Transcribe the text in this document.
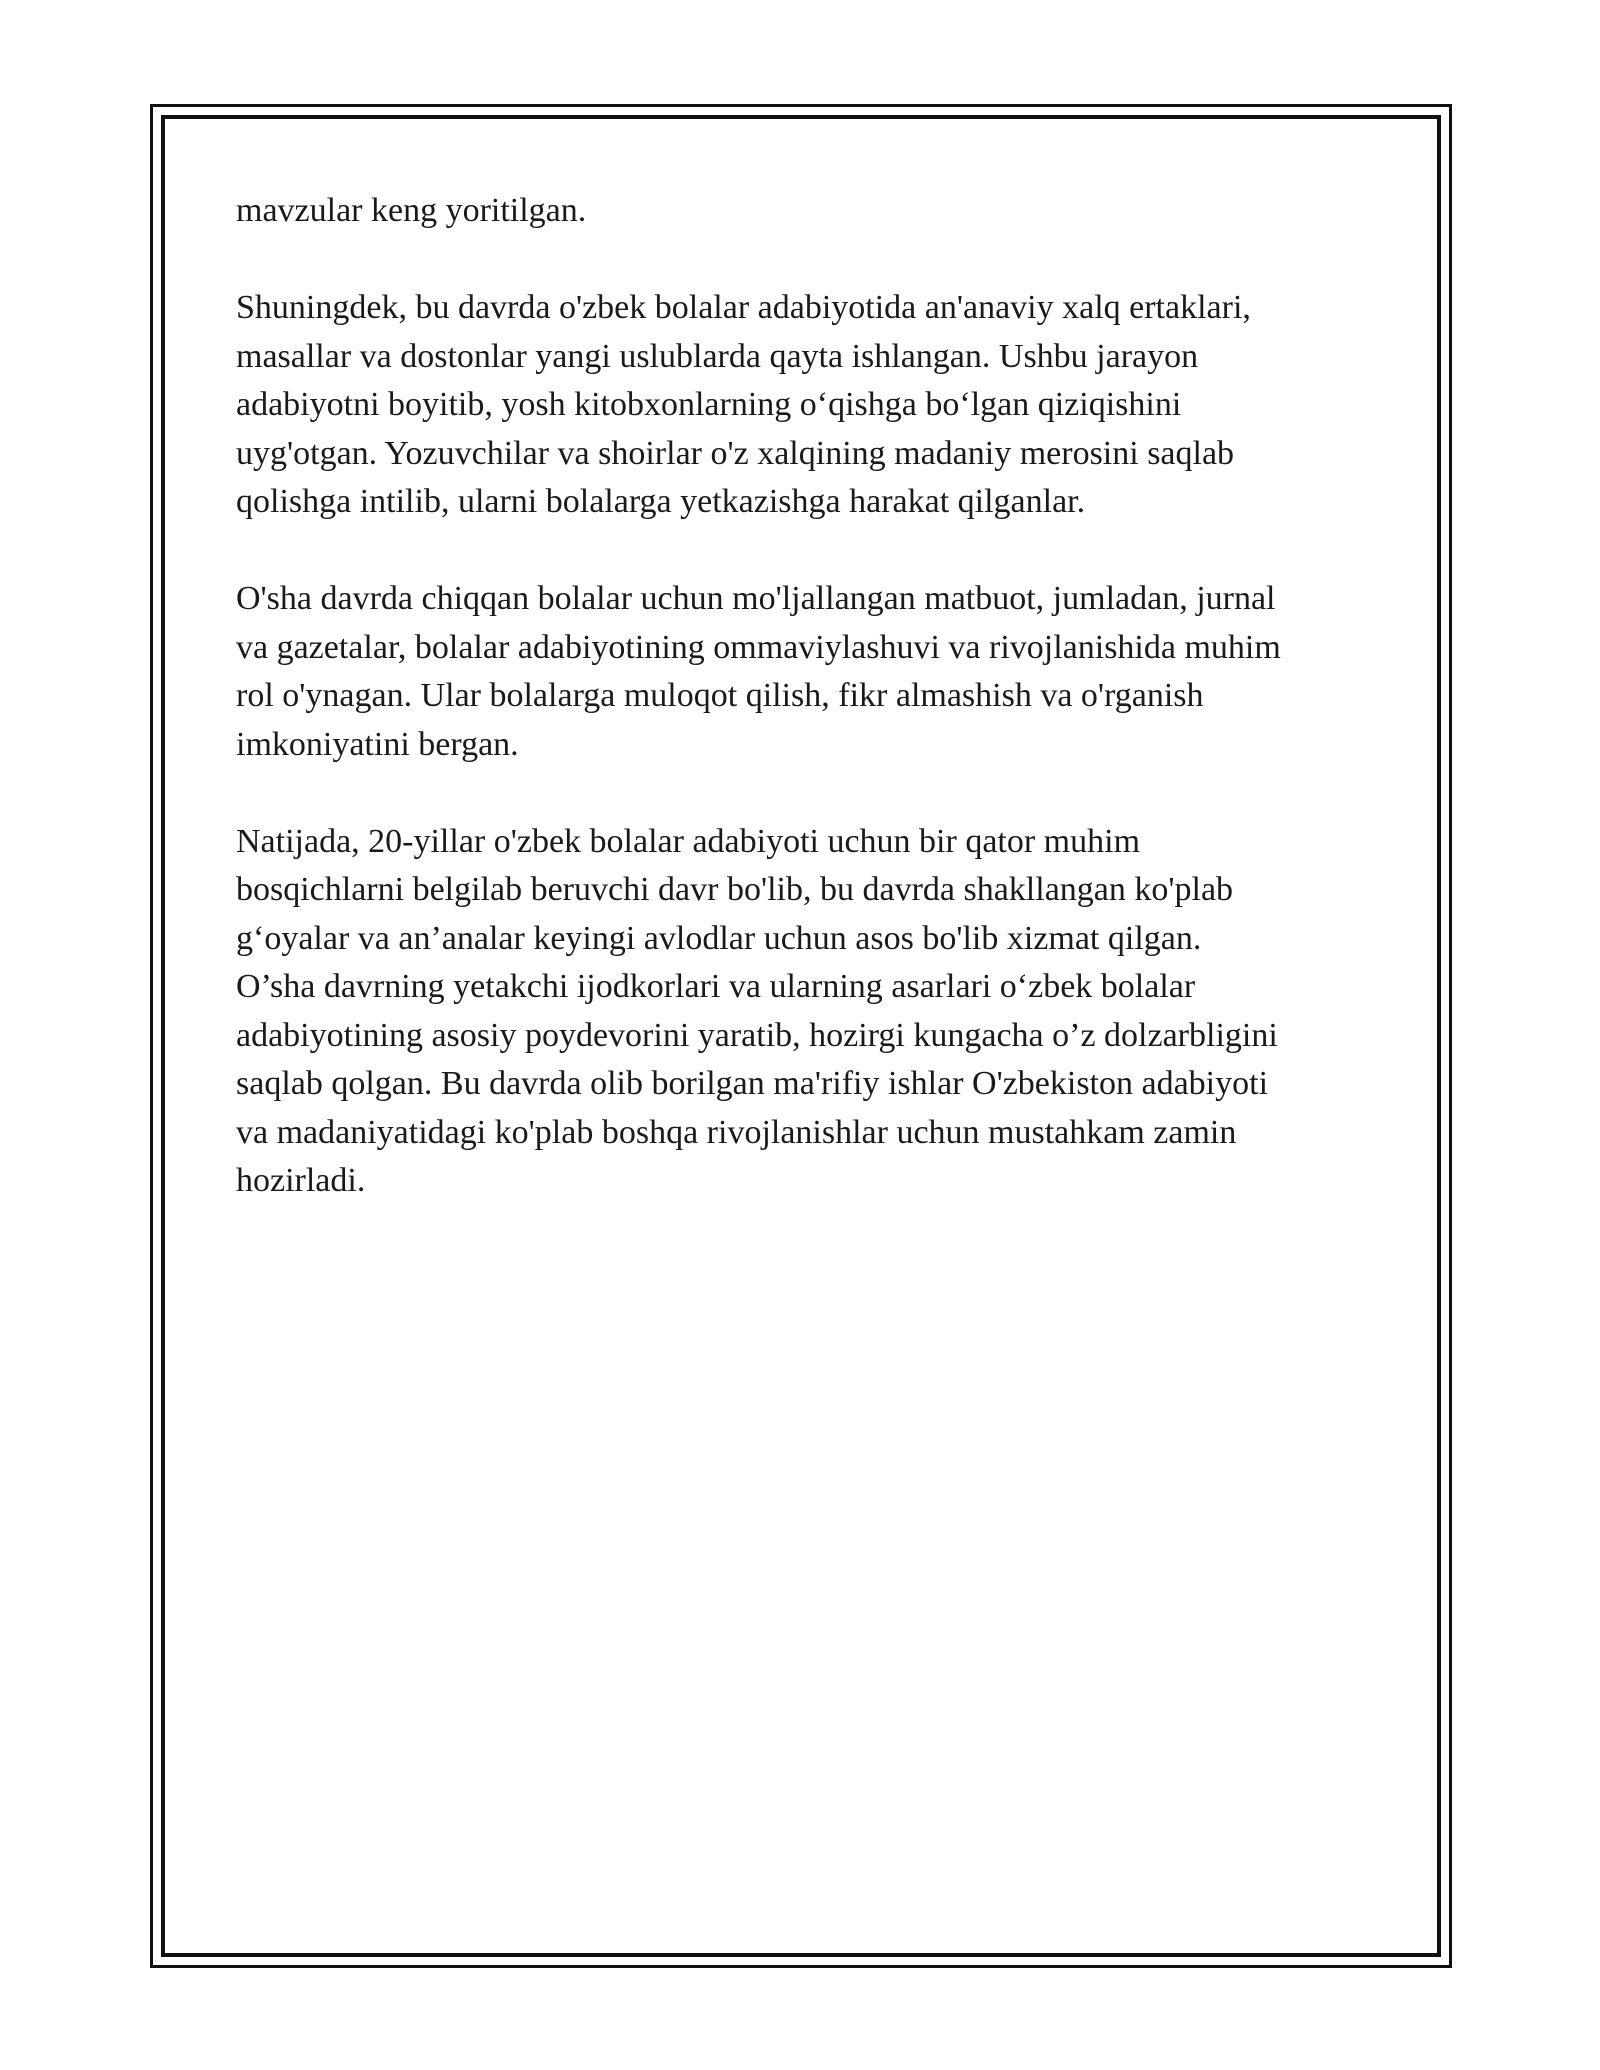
mavzular keng yoritilgan.

Shuningdek, bu davrda o'zbek bolalar adabiyotida an'anaviy xalq ertaklari,
masallar va dostonlar yangi uslublarda qayta ishlangan. Ushbu jarayon
adabiyotni boyitib, yosh kitobxonlarning oʻqishga boʻlgan qiziqishini
uyg'otgan. Yozuvchilar va shoirlar o'z xalqining madaniy merosini saqlab
qolishga intilib, ularni bolalarga yetkazishga harakat qilganlar.

O'sha davrda chiqqan bolalar uchun mo'ljallangan matbuot, jumladan, jurnal
va gazetalar, bolalar adabiyotining ommaviylashuvi va rivojlanishida muhim
rol o'ynagan. Ular bolalarga muloqot qilish, fikr almashish va o'rganish
imkoniyatini bergan.

Natijada, 20-yillar o'zbek bolalar adabiyoti uchun bir qator muhim
bosqichlarni belgilab beruvchi davr bo'lib, bu davrda shakllangan ko'plab
gʻoyalar va an’analar keyingi avlodlar uchun asos bo'lib xizmat qilgan.
O’sha davrning yetakchi ijodkorlari va ularning asarlari oʻzbek bolalar
adabiyotining asosiy poydevorini yaratib, hozirgi kungacha o’z dolzarbligini
saqlab qolgan. Bu davrda olib borilgan ma'rifiy ishlar O'zbekiston adabiyoti
va madaniyatidagi ko'plab boshqa rivojlanishlar uchun mustahkam zamin
hozirladi.
